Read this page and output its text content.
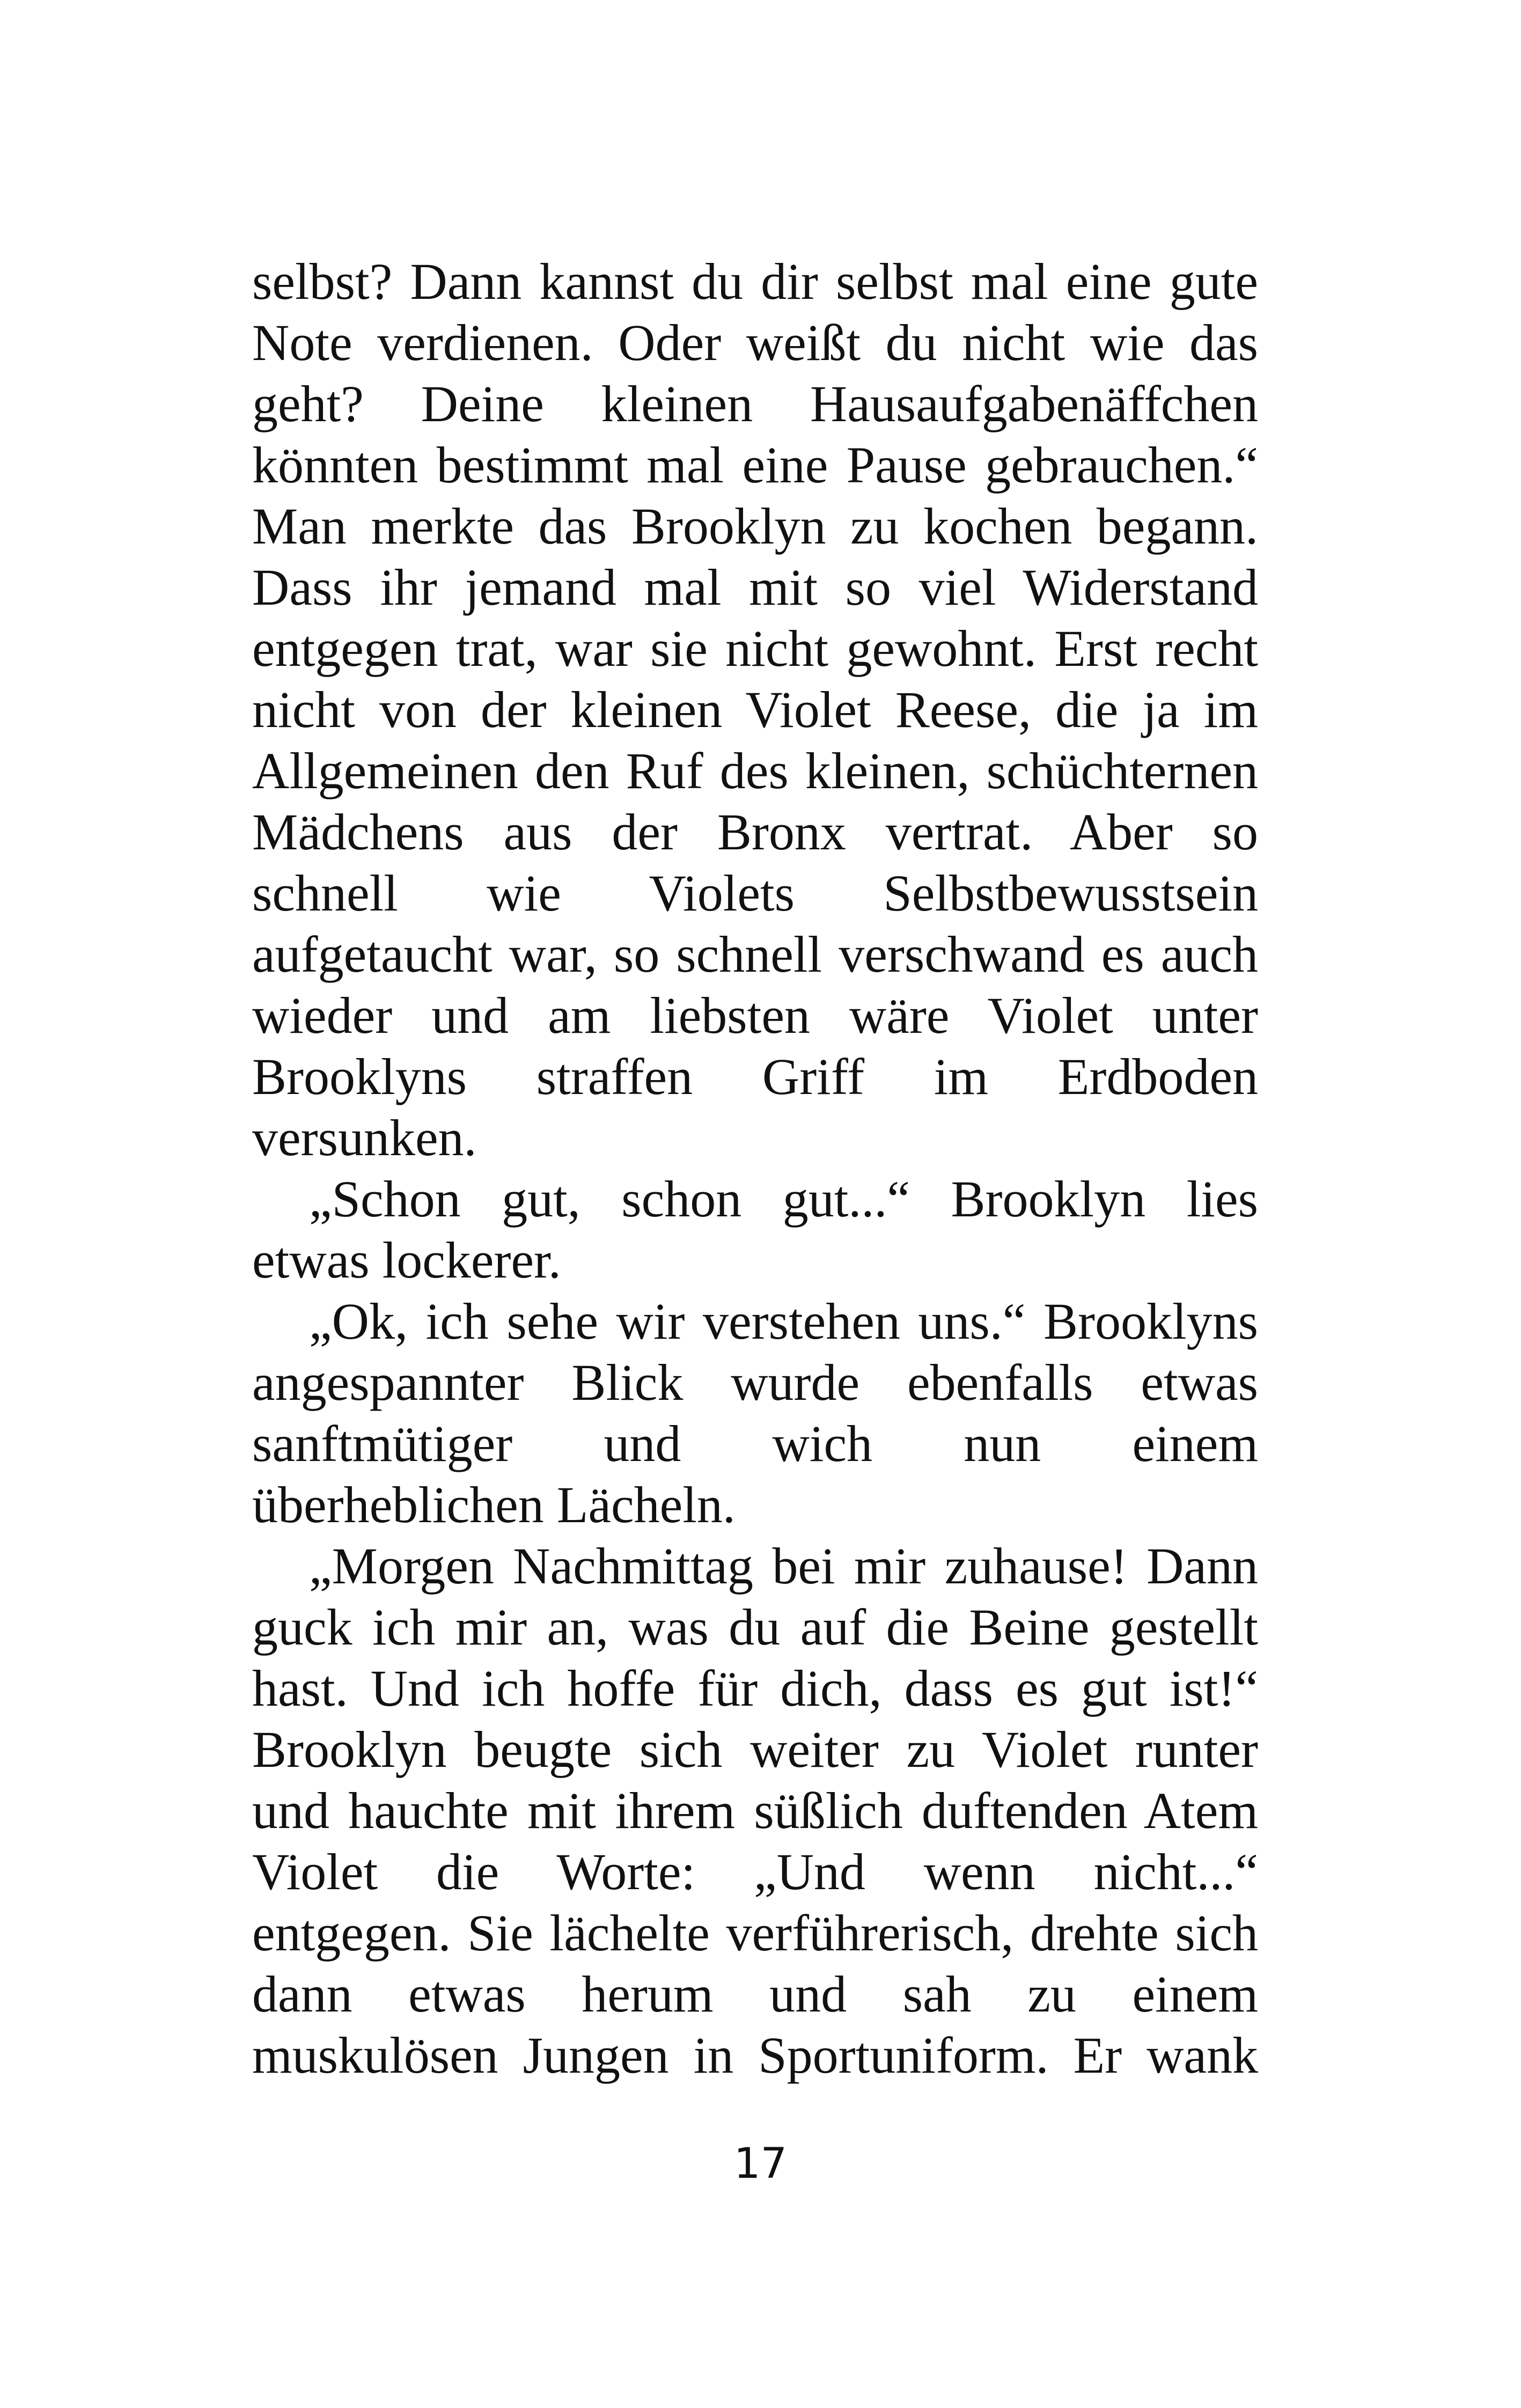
selbst? Dann kannst du dir selbst mal eine gute
Note verdienen. Oder weißt du nicht wie das
geht? Deine kleinen Hausaufgabenäffchen
könnten bestimmt mal eine Pause gebrauchen.“
Man merkte das Brooklyn zu kochen begann.
Dass ihr jemand mal mit so viel Widerstand
entgegen trat, war sie nicht gewohnt. Erst recht
nicht von der kleinen Violet Reese, die ja im
Allgemeinen den Ruf des kleinen, schüchternen
Mädchens aus der Bronx vertrat. Aber so
schnell wie Violets Selbstbewusstsein
aufgetaucht war, so schnell verschwand es auch
wieder und am liebsten wäre Violet unter
Brooklyns straffen Griff im Erdboden
versunken.
„Schon gut, schon gut...“ Brooklyn lies
etwas lockerer.
„Ok, ich sehe wir verstehen uns.“ Brooklyns
angespannter Blick wurde ebenfalls etwas
sanftmütiger und wich nun einem
überheblichen Lächeln.
„Morgen Nachmittag bei mir zuhause! Dann
guck ich mir an, was du auf die Beine gestellt
hast. Und ich hoffe für dich, dass es gut ist!“
Brooklyn beugte sich weiter zu Violet runter
und hauchte mit ihrem süßlich duftenden Atem
Violet die Worte: „Und wenn nicht...“
entgegen. Sie lächelte verführerisch, drehte sich
dann etwas herum und sah zu einem
muskulösen Jungen in Sportuniform. Er wank
17
